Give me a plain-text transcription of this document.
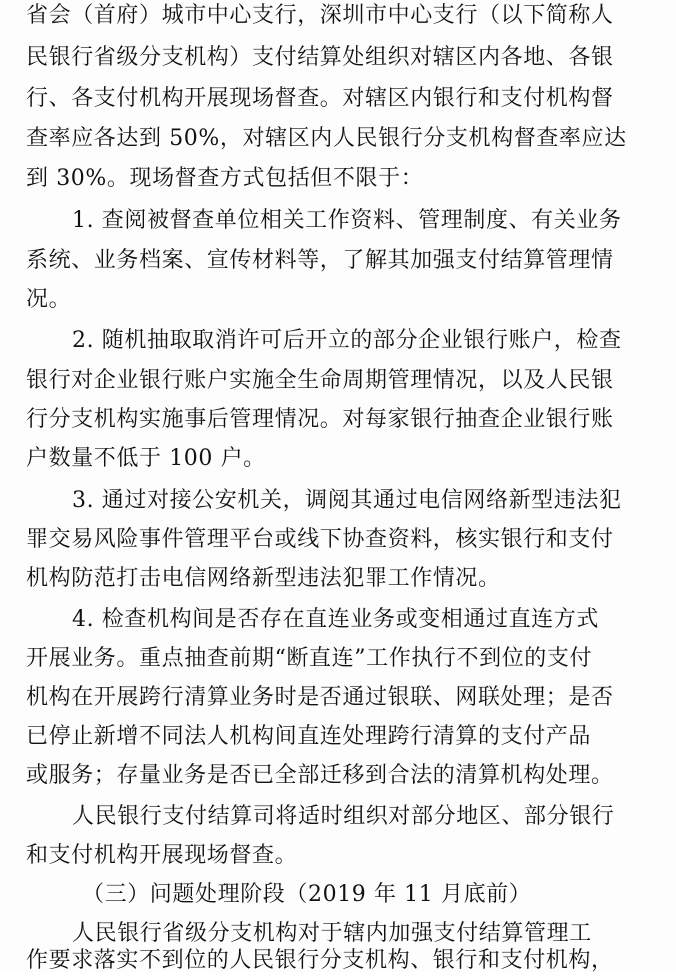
省会（首府）城市中心支行，深圳市中心支行（以下简称人
民银行省级分支机构）支付结算处组织对辖区内各地、各银
行、各支付机构开展现场督查。对辖区内银行和支付机构督
查率应各达到 50%，对辖区内人民银行分支机构督查率应达
到 30%。现场督查方式包括但不限于：
1. 查阅被督查单位相关工作资料、管理制度、有关业务
系统、业务档案、宣传材料等，了解其加强支付结算管理情
况。
2. 随机抽取取消许可后开立的部分企业银行账户，检查
银行对企业银行账户实施全生命周期管理情况，以及人民银
行分支机构实施事后管理情况。对每家银行抽查企业银行账
户数量不低于 100 户。
3. 通过对接公安机关，调阅其通过电信网络新型违法犯
罪交易风险事件管理平台或线下协查资料，核实银行和支付
机构防范打击电信网络新型违法犯罪工作情况。
4. 检查机构间是否存在直连业务或变相通过直连方式
开展业务。重点抽查前期“断直连”工作执行不到位的支付
机构在开展跨行清算业务时是否通过银联、网联处理；是否
已停止新增不同法人机构间直连处理跨行清算的支付产品
或服务；存量业务是否已全部迁移到合法的清算机构处理。
人民银行支付结算司将适时组织对部分地区、部分银行
和支付机构开展现场督查。
（三）问题处理阶段（2019 年 11 月底前）
人民银行省级分支机构对于辖内加强支付结算管理工
作要求落实不到位的人民银行分支机构、银行和支付机构，
